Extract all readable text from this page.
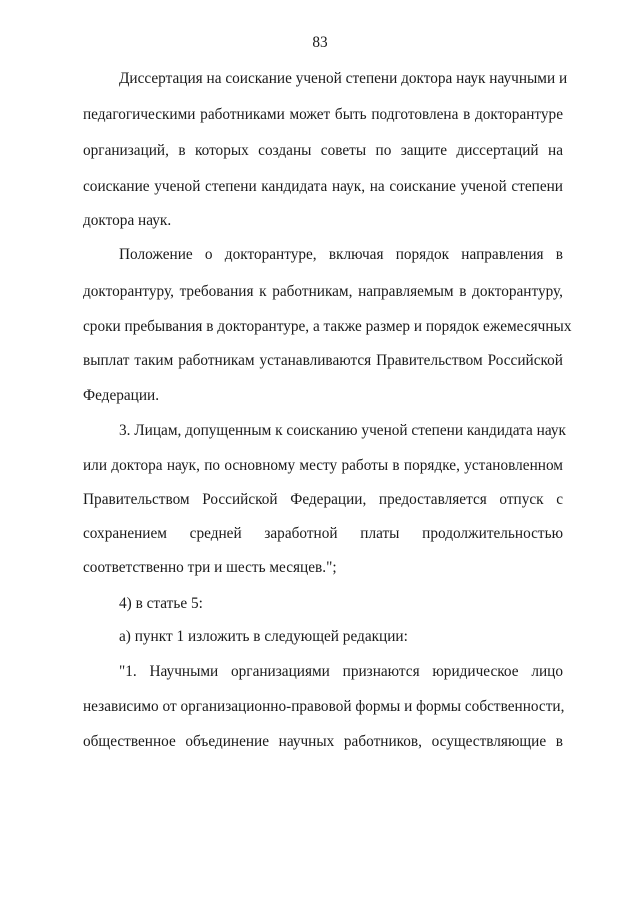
83
Диссертация на соискание ученой степени доктора наук научными и
педагогическими работниками может быть подготовлена в докторантуре
организаций, в которых созданы советы по защите диссертаций на
соискание ученой степени кандидата наук, на соискание ученой степени
доктора наук.
Положение о докторантуре, включая порядок направления в
докторантуру, требования к работникам, направляемым в докторантуру,
сроки пребывания в докторантуре, а также размер и порядок ежемесячных
выплат таким работникам устанавливаются Правительством Российской
Федерации.
3. Лицам, допущенным к соисканию ученой степени кандидата наук
или доктора наук, по основному месту работы в порядке, установленном
Правительством Российской Федерации, предоставляется отпуск с
сохранением средней заработной платы продолжительностью
соответственно три и шесть месяцев.";
4) в статье 5:
а) пункт 1 изложить в следующей редакции:
"1. Научными организациями признаются юридическое лицо
независимо от организационно-правовой формы и формы собственности,
общественное объединение научных работников, осуществляющие в
